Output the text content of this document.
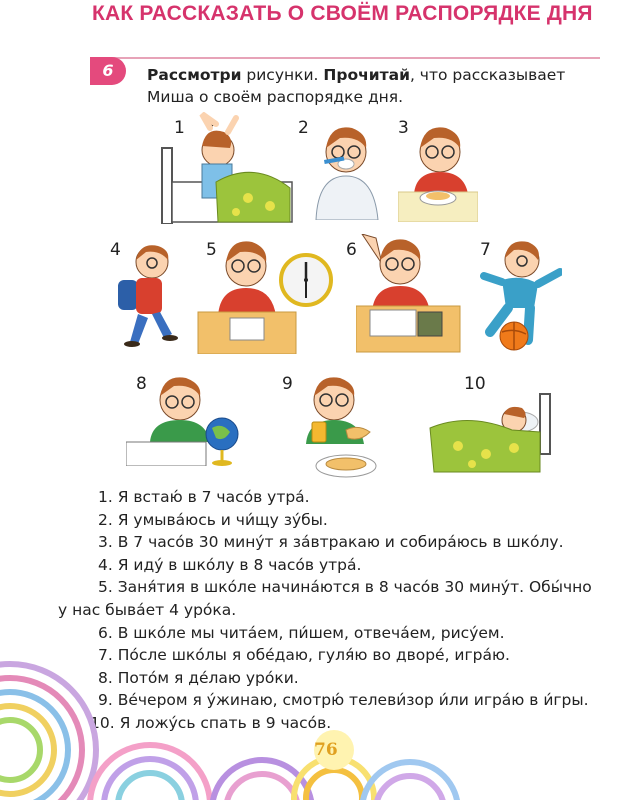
КАК РАССКАЗАТЬ О СВОЁМ РАСПОРЯДКЕ ДНЯ
6	Рассмотри рисунки. Прочитай, что рассказывает Миша о своём распорядке дня.
1	2	3
4	5	6	7
8	9	10
1. Я встаю́ в 7 часо́в утра́.
2. Я умыва́юсь и чи́щу зу́бы.
3. В 7 часо́в 30 мину́т я за́втракаю и собира́юсь в шко́лу.
4. Я иду́ в шко́лу в 8 часо́в утра́.
5. Заня́тия в шко́ле начина́ются в 8 часо́в 30 мину́т. Обы́чно
у нас быва́ет 4 уро́ка.
6. В шко́ле мы чита́ем, пи́шем, отвеча́ем, рису́ем.
7. По́сле шко́лы я обе́даю, гуля́ю во дворе́, игра́ю.
8. Пото́м я де́лаю уро́ки.
9. Ве́чером я у́жинаю, смотрю́ телеви́зор и́ли игра́ю в и́гры.
10. Я ложу́сь спать в 9 часо́в.
76
